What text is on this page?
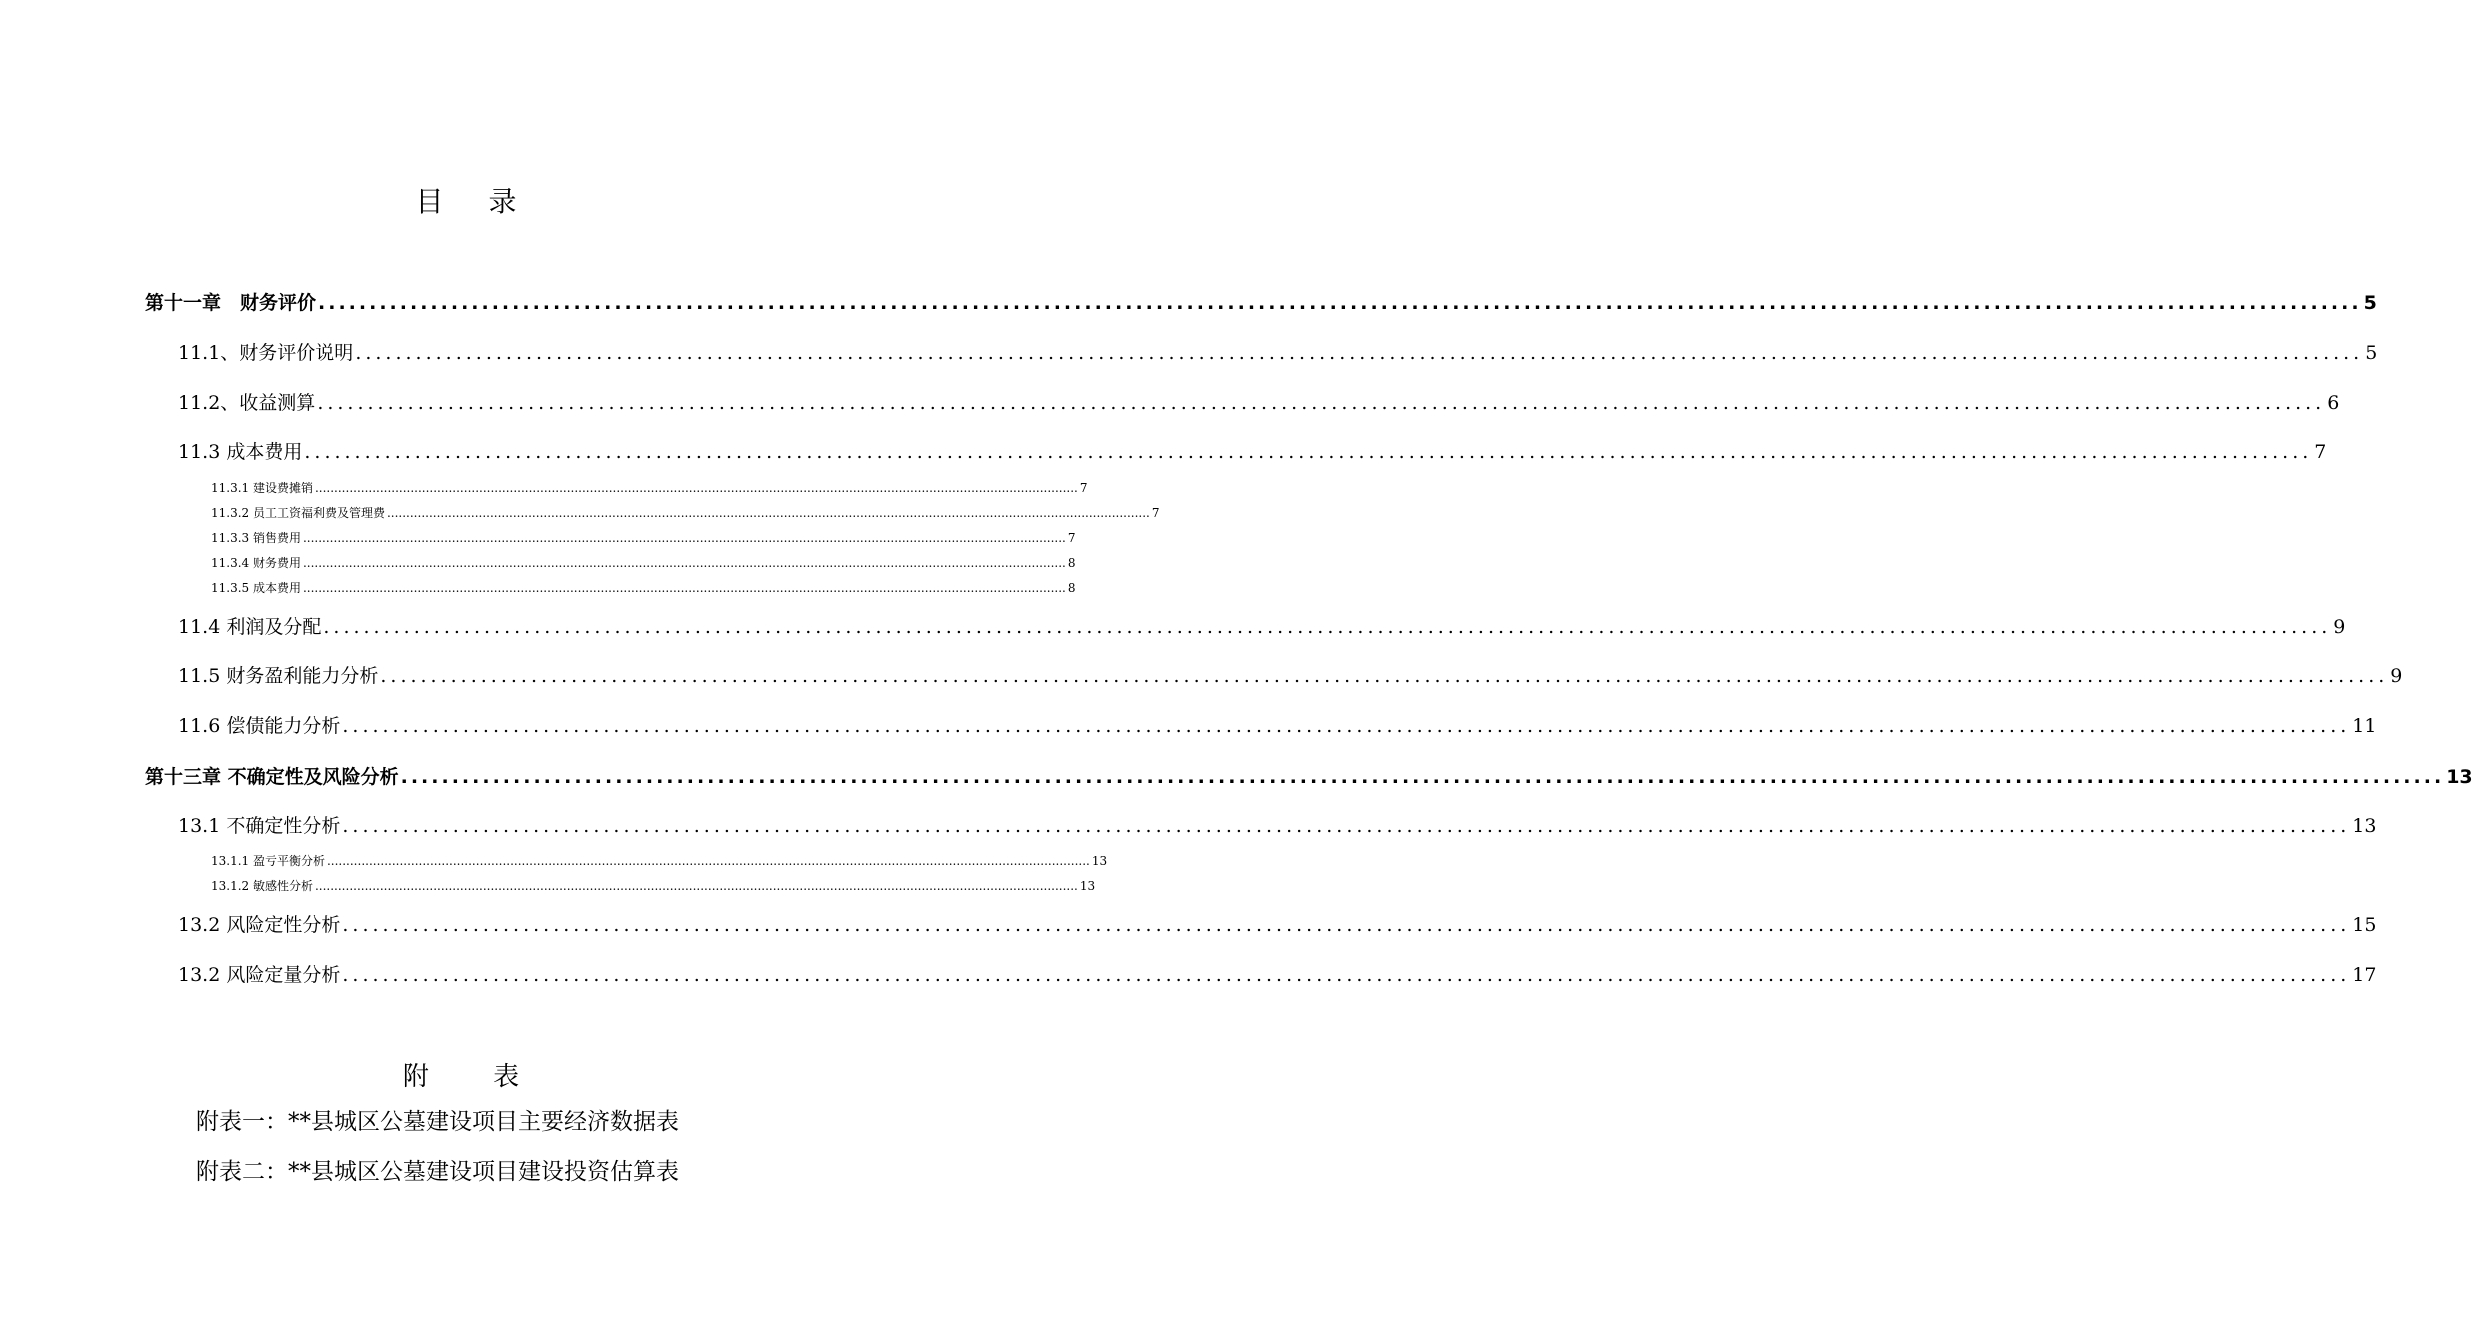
目 录
第十一章　财务评价 ........................................................................................................................................................................................................ 5
11.1、财务评价说明 ........................................................................................................................................................................................................ 5
11.2、收益测算 ........................................................................................................................................................................................................ 6
11.3 成本费用 ........................................................................................................................................................................................................ 7
11.3.1 建设费摊销 ........................................................................................................................................................................................................ 7
11.3.2 员工工资福利费及管理费 ........................................................................................................................................................................................................ 7
11.3.3 销售费用 ........................................................................................................................................................................................................ 7
11.3.4 财务费用 ........................................................................................................................................................................................................ 8
11.3.5 成本费用 ........................................................................................................................................................................................................ 8
11.4 利润及分配 ........................................................................................................................................................................................................ 9
11.5 财务盈利能力分析 ........................................................................................................................................................................................................ 9
11.6 偿债能力分析 ........................................................................................................................................................................................................ 11
第十三章 不确定性及风险分析 ........................................................................................................................................................................................................ 13
13.1 不确定性分析 ........................................................................................................................................................................................................ 13
13.1.1 盈亏平衡分析 ........................................................................................................................................................................................................ 13
13.1.2 敏感性分析 ........................................................................................................................................................................................................ 13
13.2 风险定性分析 ........................................................................................................................................................................................................ 15
13.2 风险定量分析 ........................................................................................................................................................................................................ 17
附 表
附表一：**县城区公墓建设项目主要经济数据表
附表二：**县城区公墓建设项目建设投资估算表
